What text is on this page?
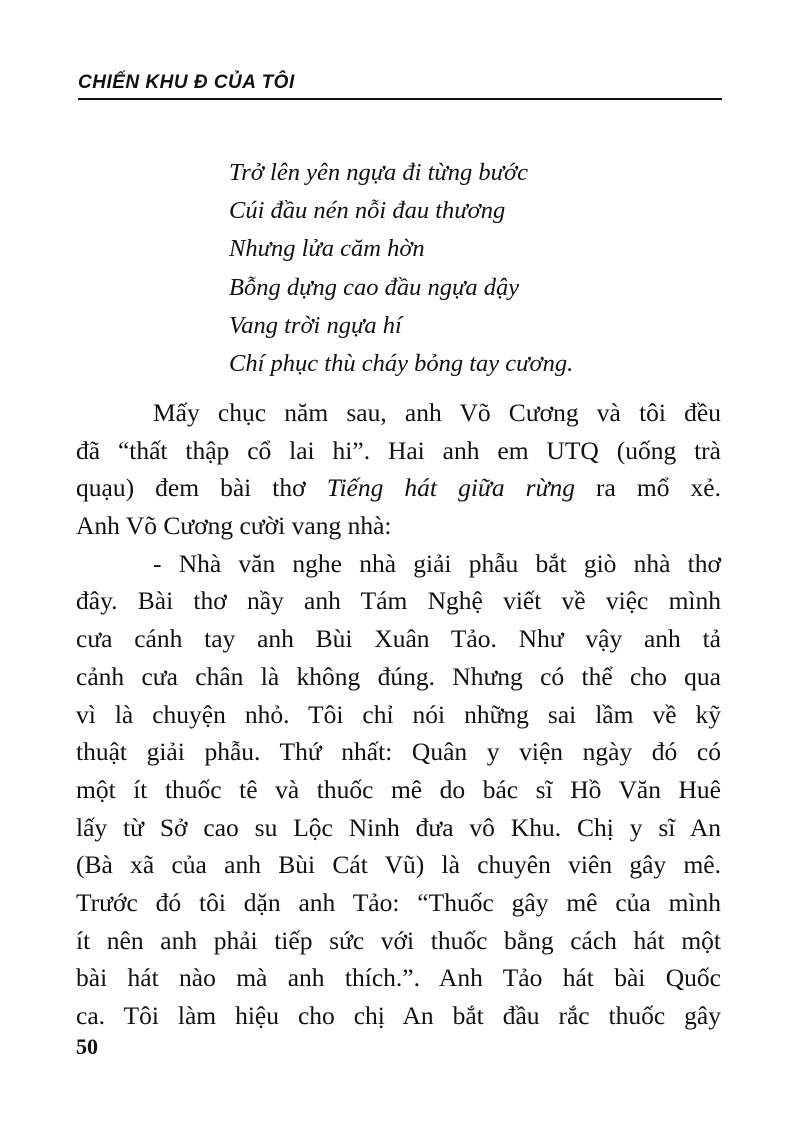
CHIẾN KHU Đ CỦA TÔI
Trở lên yên ngựa đi từng bước
Cúi đầu nén nỗi đau thương
Nhưng lửa căm hờn
Bỗng dựng cao đầu ngựa dậy
Vang trời ngựa hí
Chí phục thù cháy bỏng tay cương.
Mấy chục năm sau, anh Võ Cương và tôi đều
đã “thất thập cổ lai hi”. Hai anh em UTQ (uống trà
quạu) đem bài thơ Tiếng hát giữa rừng ra mổ xẻ.
Anh Võ Cương cười vang nhà:
- Nhà văn nghe nhà giải phẫu bắt giò nhà thơ
đây. Bài thơ nầy anh Tám Nghệ viết về việc mình
cưa cánh tay anh Bùi Xuân Tảo. Như vậy anh tả
cảnh cưa chân là không đúng. Nhưng có thể cho qua
vì là chuyện nhỏ. Tôi chỉ nói những sai lầm về kỹ
thuật giải phẫu. Thứ nhất: Quân y viện ngày đó có
một ít thuốc tê và thuốc mê do bác sĩ Hồ Văn Huê
lấy từ Sở cao su Lộc Ninh đưa vô Khu. Chị y sĩ An
(Bà xã của anh Bùi Cát Vũ) là chuyên viên gây mê.
Trước đó tôi dặn anh Tảo: “Thuốc gây mê của mình
ít nên anh phải tiếp sức với thuốc bằng cách hát một
bài hát nào mà anh thích.”. Anh Tảo hát bài Quốc
ca. Tôi làm hiệu cho chị An bắt đầu rắc thuốc gây
50
